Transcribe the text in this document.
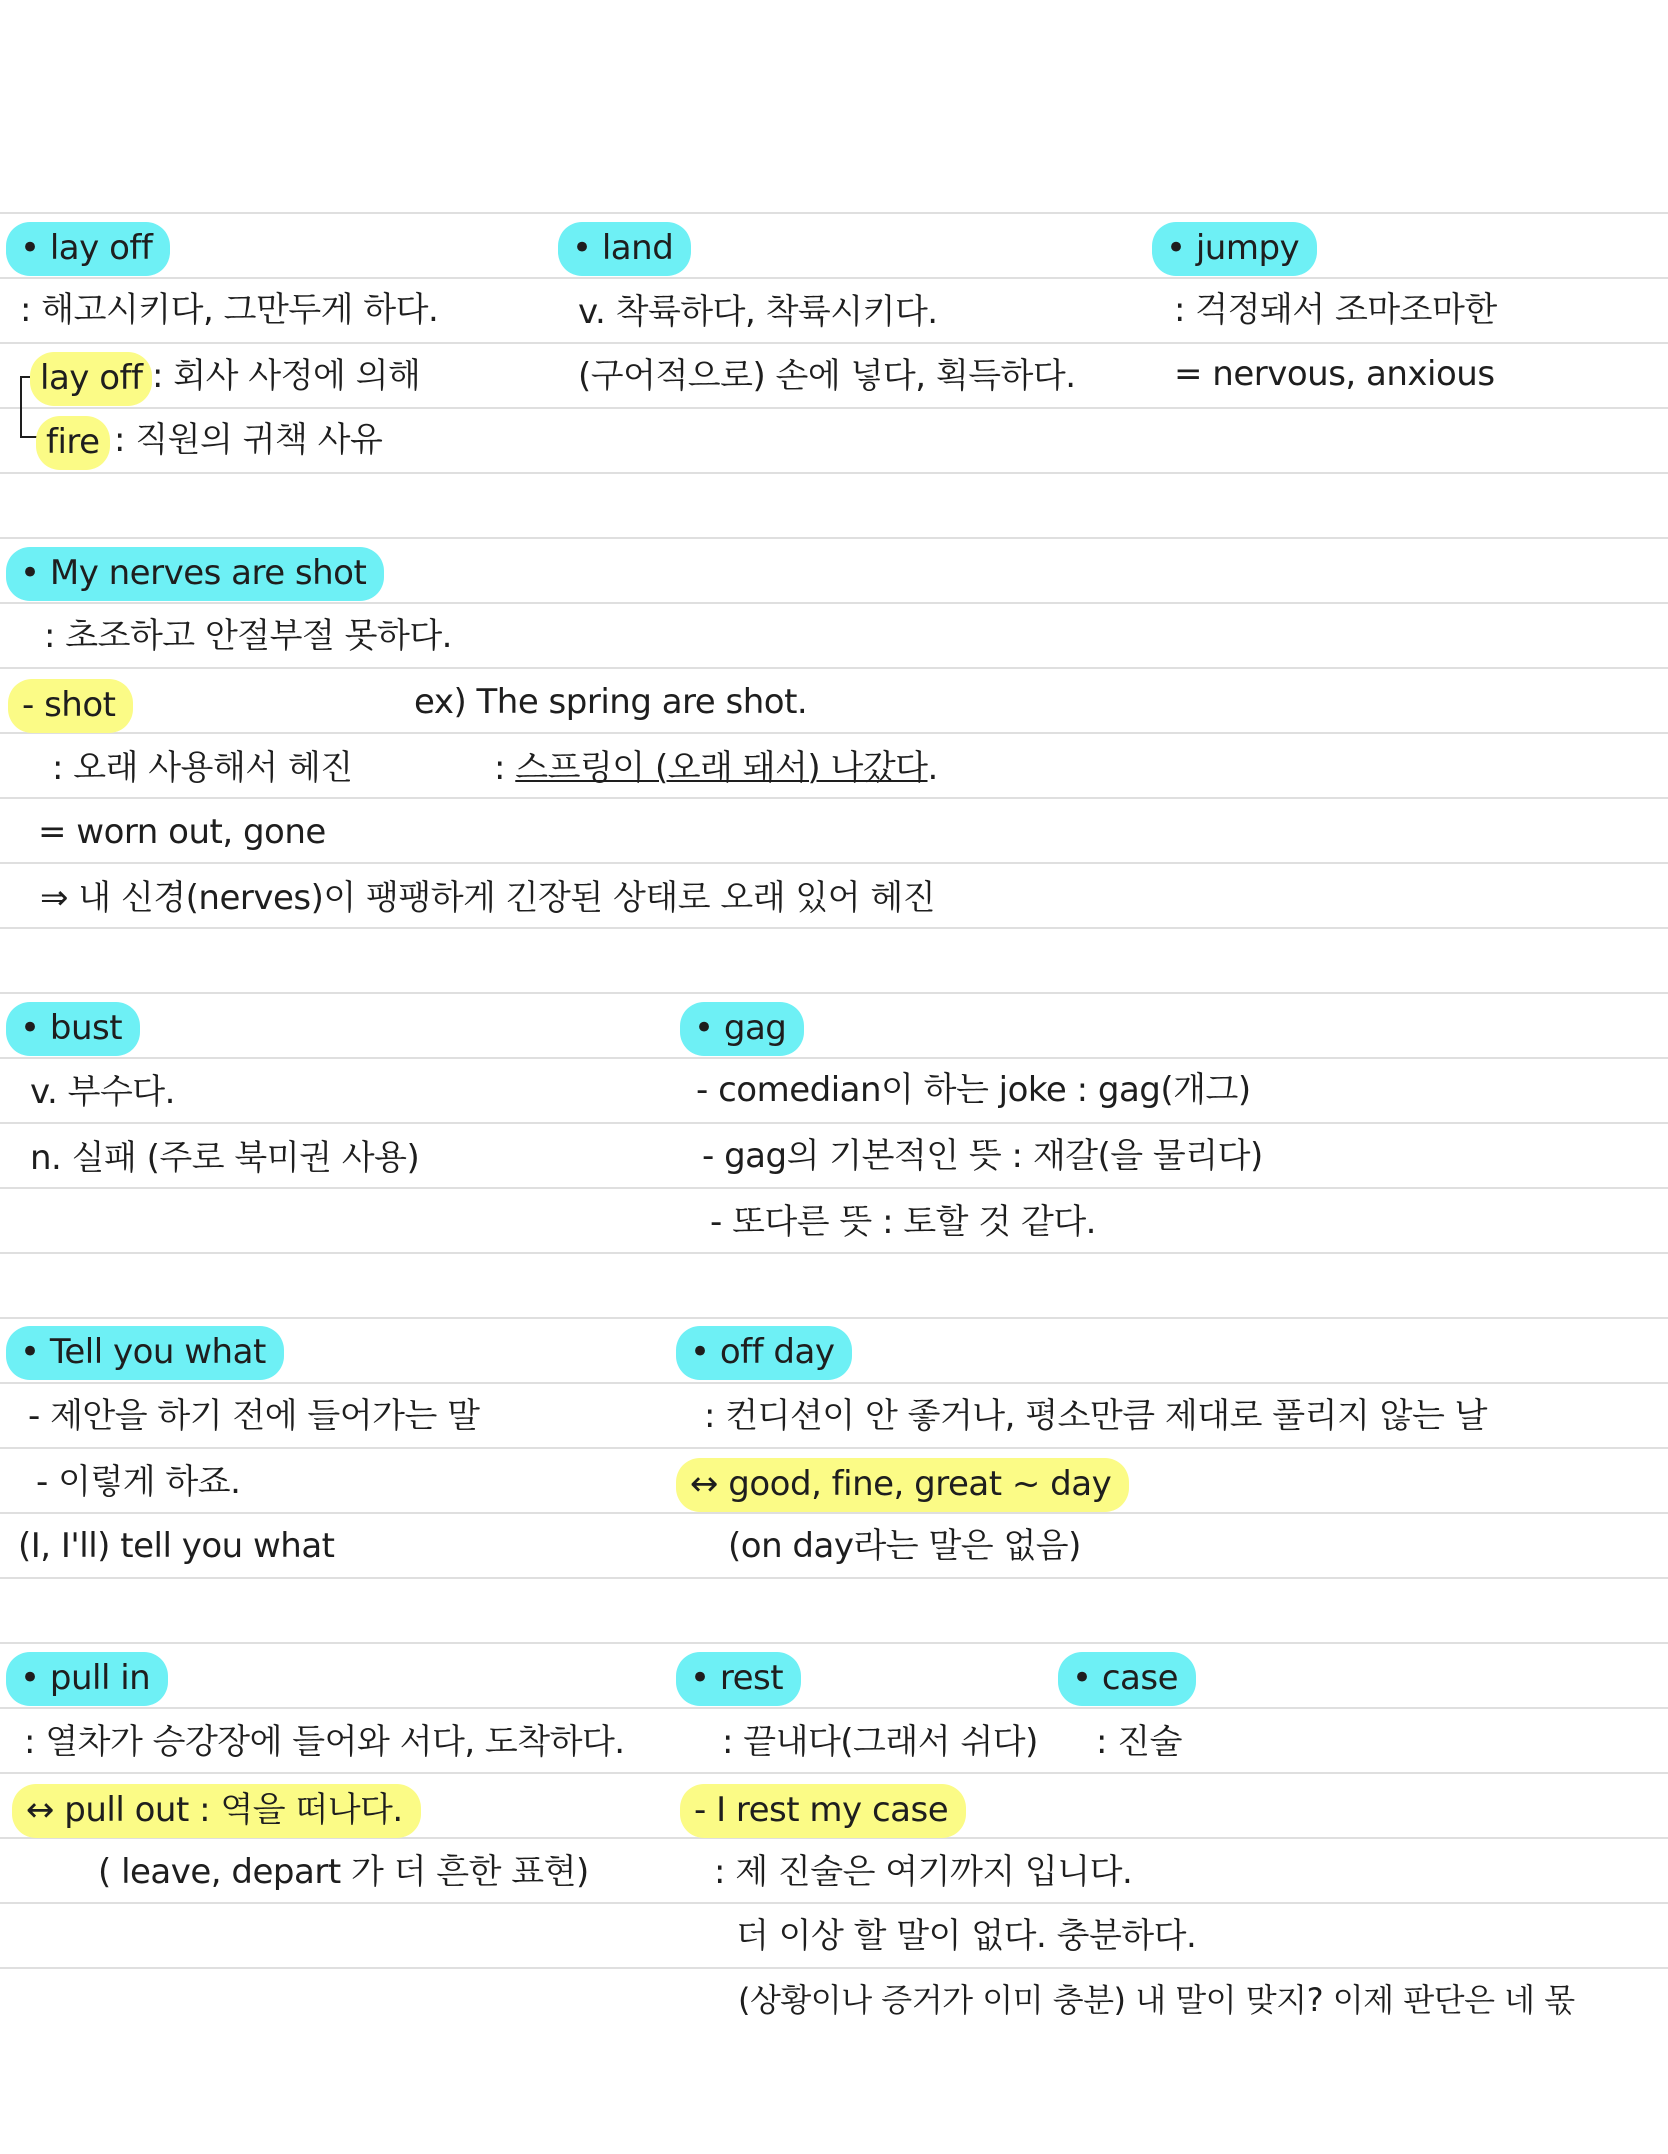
• lay off
: 해고시키다, 그만두게 하다.
lay off : 회사 사정에 의해
fire : 직원의 귀책 사유
• land
v. 착륙하다, 착륙시키다.
(구어적으로) 손에 넣다, 획득하다.
• jumpy
: 걱정돼서 조마조마한
= nervous, anxious
• My nerves are shot
: 초조하고 안절부절 못하다.
- shot	ex) The spring are shot.
: 오래 사용해서 헤진	: 스프링이 (오래 돼서) 나갔다.
= worn out, gone
⇒ 내 신경(nerves)이 팽팽하게 긴장된 상태로 오래 있어 헤진
• bust
v. 부수다.
n. 실패 (주로 북미권 사용)
• gag
- comedian이 하는 joke : gag(개그)
- gag의 기본적인 뜻 : 재갈(을 물리다)
- 또다른 뜻 : 토할 것 같다.
• Tell you what
- 제안을 하기 전에 들어가는 말
- 이렇게 하죠.
(I, I'll) tell you what
• off day
: 컨디션이 안 좋거나, 평소만큼 제대로 풀리지 않는 날
↔ good, fine, great ~ day
(on day라는 말은 없음)
• pull in
: 열차가 승강장에 들어와 서다, 도착하다.
↔ pull out : 역을 떠나다.
( leave, depart 가 더 흔한 표현)
• rest
: 끝내다(그래서 쉬다)
- I rest my case
: 제 진술은 여기까지 입니다.
더 이상 할 말이 없다. 충분하다.
(상황이나 증거가 이미 충분) 내 말이 맞지? 이제 판단은 네 몫
• case
: 진술
